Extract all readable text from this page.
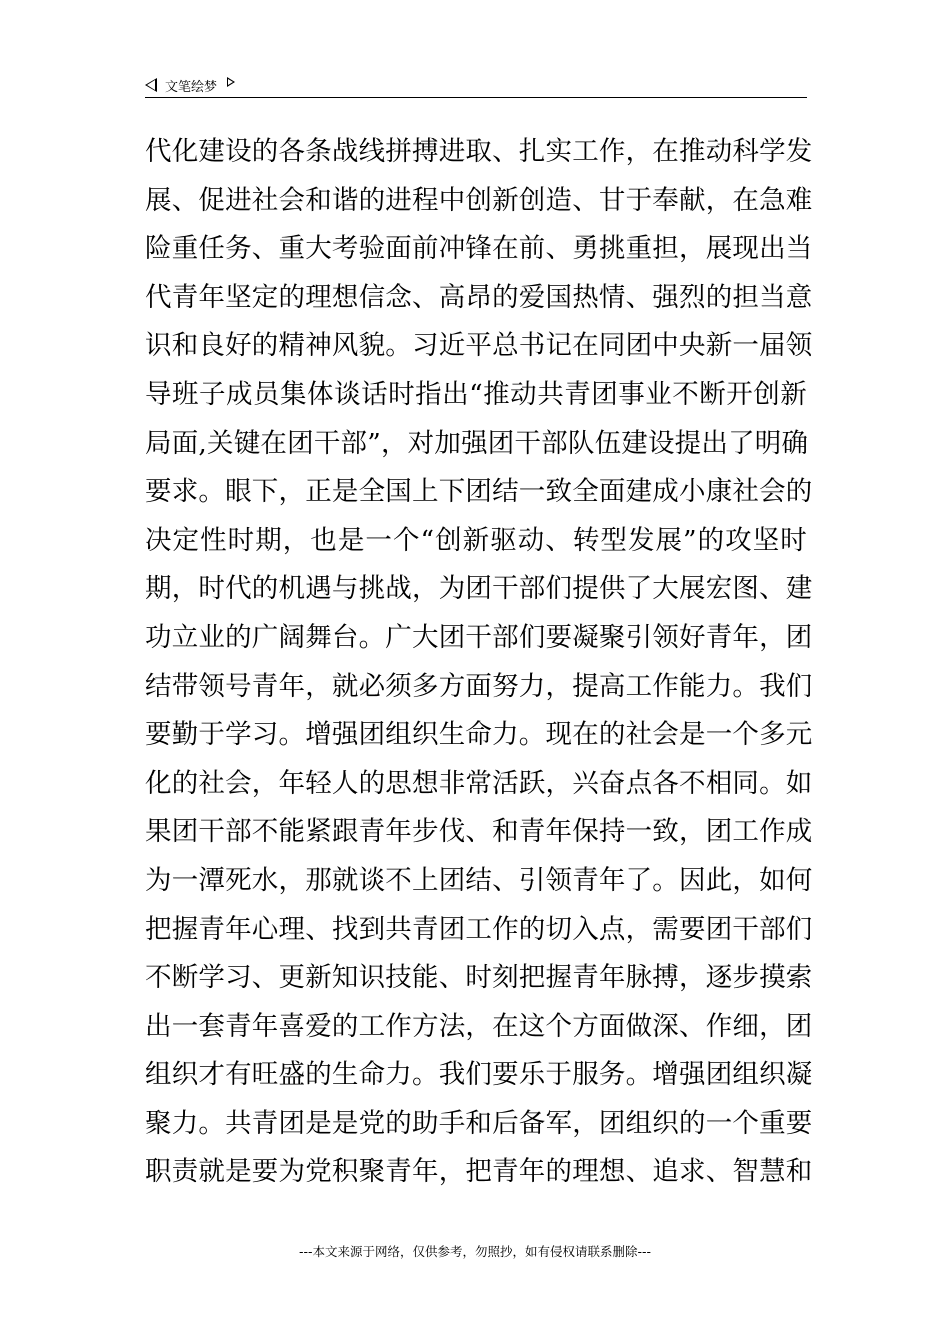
文笔绘梦
代化建设的各条战线拼搏进取、扎实工作，在推动科学发
展、促进社会和谐的进程中创新创造、甘于奉献，在急难
险重任务、重大考验面前冲锋在前、勇挑重担，展现出当
代青年坚定的理想信念、高昂的爱国热情、强烈的担当意
识和良好的精神风貌。习近平总书记在同团中央新一届领
导班子成员集体谈话时指出“推动共青团事业不断开创新
局面,关键在团干部”，对加强团干部队伍建设提出了明确
要求。眼下，正是全国上下团结一致全面建成小康社会的
决定性时期，也是一个“创新驱动、转型发展”的攻坚时
期，时代的机遇与挑战，为团干部们提供了大展宏图、建
功立业的广阔舞台。广大团干部们要凝聚引领好青年，团
结带领号青年，就必须多方面努力，提高工作能力。我们
要勤于学习。增强团组织生命力。现在的社会是一个多元
化的社会，年轻人的思想非常活跃，兴奋点各不相同。如
果团干部不能紧跟青年步伐、和青年保持一致，团工作成
为一潭死水，那就谈不上团结、引领青年了。因此，如何
把握青年心理、找到共青团工作的切入点，需要团干部们
不断学习、更新知识技能、时刻把握青年脉搏，逐步摸索
出一套青年喜爱的工作方法，在这个方面做深、作细，团
组织才有旺盛的生命力。我们要乐于服务。增强团组织凝
聚力。共青团是是党的助手和后备军，团组织的一个重要
职责就是要为党积聚青年，把青年的理想、追求、智慧和
---本文来源于网络，仅供参考，勿照抄，如有侵权请联系删除---
